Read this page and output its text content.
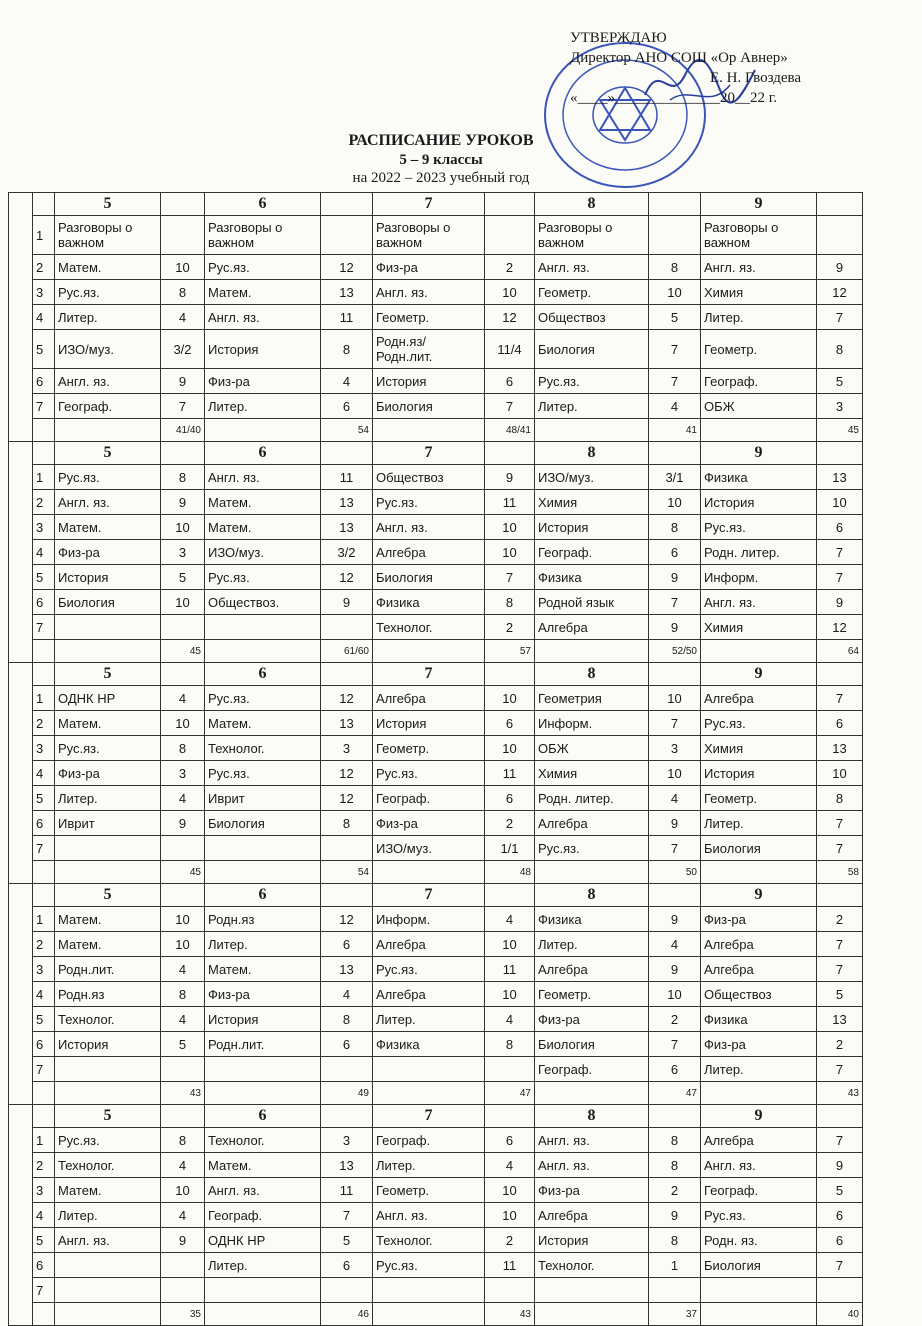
УТВЕРЖДАЮ
Директор АНО СОШ «Ор Авнер»
Е. Н. Гвоздева
«____»______________20__22 г.
РАСПИСАНИЕ УРОКОВ
5 – 9 классы
на 2022 – 2023 учебный год
		5		6		7		8		9	
	1	Разговоры о важном		Разговоры о важном		Разговоры о важном		Разговоры о важном		Разговоры о важном	
	2	Матем.	10	Рус.яз.	12	Физ-ра	2	Англ. яз.	8	Англ. яз.	9
	3	Рус.яз.	8	Матем.	13	Англ. яз.	10	Геометр.	10	Химия	12
	4	Литер.	4	Англ. яз.	11	Геометр.	12	Обществоз	5	Литер.	7
	5	ИЗО/муз.	3/2	История	8	Родн.яз/ Родн.лит.	11/4	Биология	7	Геометр.	8
	6	Англ. яз.	9	Физ-ра	4	История	6	Рус.яз.	7	Географ.	5
	7	Географ.	7	Литер.	6	Биология	7	Литер.	4	ОБЖ	3
			41/40		54		48/41		41		45
		5		6		7		8		9	
	1	Рус.яз.	8	Англ. яз.	11	Обществоз	9	ИЗО/муз.	3/1	Физика	13
	2	Англ. яз.	9	Матем.	13	Рус.яз.	11	Химия	10	История	10
	3	Матем.	10	Матем.	13	Англ. яз.	10	История	8	Рус.яз.	6
	4	Физ-ра	3	ИЗО/муз.	3/2	Алгебра	10	Географ.	6	Родн. литер.	7
	5	История	5	Рус.яз.	12	Биология	7	Физика	9	Информ.	7
	6	Биология	10	Обществоз.	9	Физика	8	Родной язык	7	Англ. яз.	9
	7					Технолог.	2	Алгебра	9	Химия	12
			45		61/60		57		52/50		64
		5		6		7		8		9	
	1	ОДНК НР	4	Рус.яз.	12	Алгебра	10	Геометрия	10	Алгебра	7
	2	Матем.	10	Матем.	13	История	6	Информ.	7	Рус.яз.	6
	3	Рус.яз.	8	Технолог.	3	Геометр.	10	ОБЖ	3	Химия	13
	4	Физ-ра	3	Рус.яз.	12	Рус.яз.	11	Химия	10	История	10
	5	Литер.	4	Иврит	12	Географ.	6	Родн. литер.	4	Геометр.	8
	6	Иврит	9	Биология	8	Физ-ра	2	Алгебра	9	Литер.	7
	7					ИЗО/муз.	1/1	Рус.яз.	7	Биология	7
			45		54		48		50		58
		5		6		7		8		9	
	1	Матем.	10	Родн.яз	12	Информ.	4	Физика	9	Физ-ра	2
	2	Матем.	10	Литер.	6	Алгебра	10	Литер.	4	Алгебра	7
	3	Родн.лит.	4	Матем.	13	Рус.яз.	11	Алгебра	9	Алгебра	7
	4	Родн.яз	8	Физ-ра	4	Алгебра	10	Геометр.	10	Обществоз	5
	5	Технолог.	4	История	8	Литер.	4	Физ-ра	2	Физика	13
	6	История	5	Родн.лит.	6	Физика	8	Биология	7	Физ-ра	2
	7							Географ.	6	Литер.	7
			43		49		47		47		43
		5		6		7		8		9	
	1	Рус.яз.	8	Технолог.	3	Географ.	6	Англ. яз.	8	Алгебра	7
	2	Технолог.	4	Матем.	13	Литер.	4	Англ. яз.	8	Англ. яз.	9
	3	Матем.	10	Англ. яз.	11	Геометр.	10	Физ-ра	2	Географ.	5
	4	Литер.	4	Географ.	7	Англ. яз.	10	Алгебра	9	Рус.яз.	6
	5	Англ. яз.	9	ОДНК НР	5	Технолог.	2	История	8	Родн. яз.	6
	6			Литер.	6	Рус.яз.	11	Технолог.	1	Биология	7
	7										
			35		46		43		37		40
